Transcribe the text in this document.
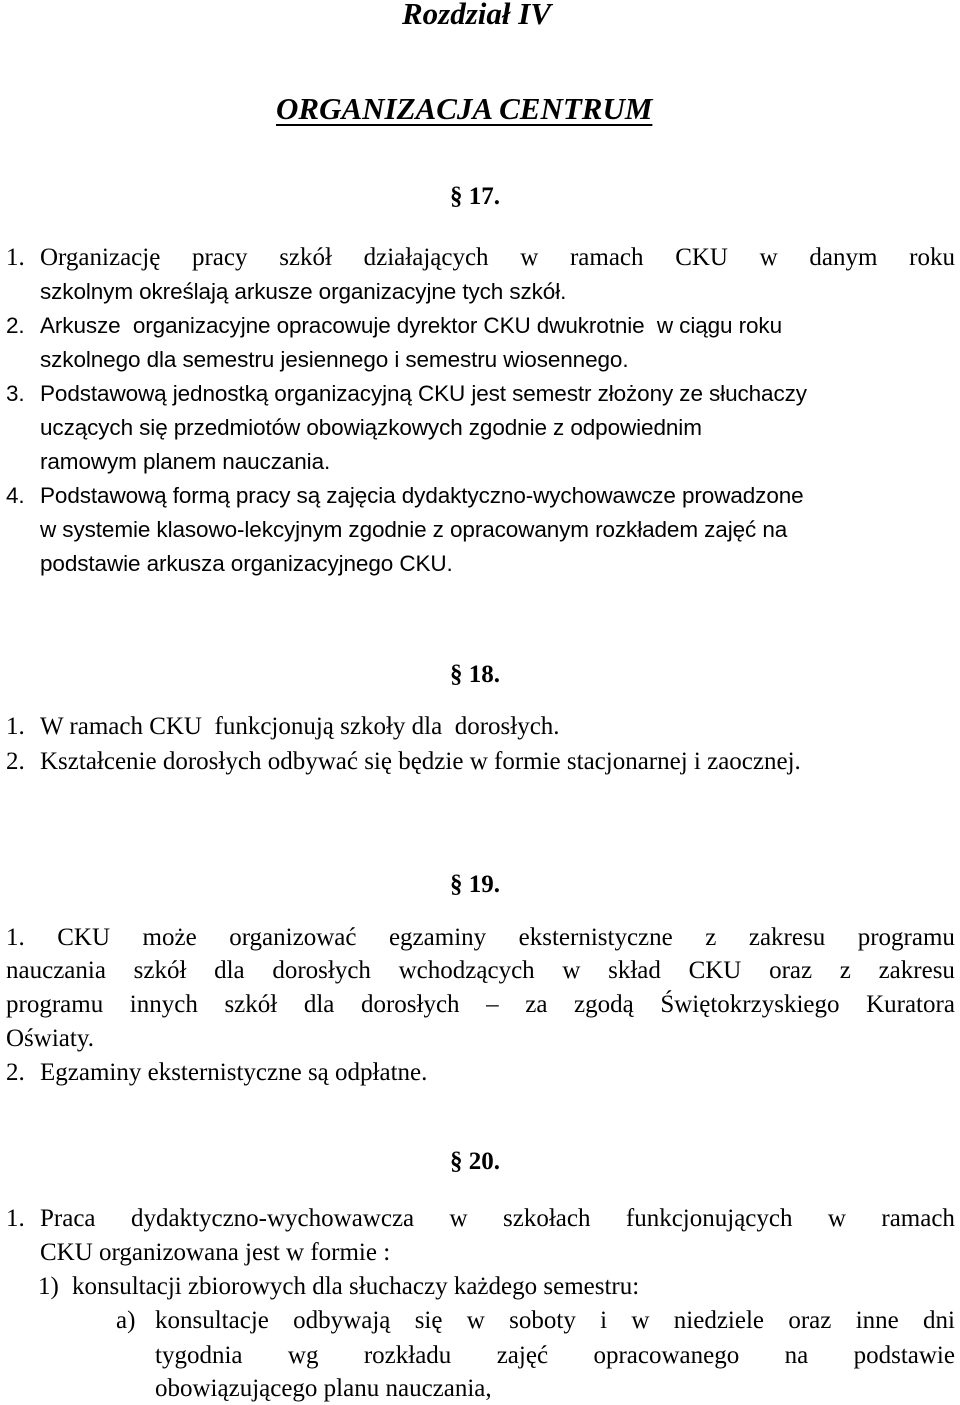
Rozdział IV
ORGANIZACJA CENTRUM
§ 17.
1. Organizację pracy szkół działających w ramach CKU w danym roku
szkolnym określają arkusze organizacyjne tych szkół.
2. Arkusze  organizacyjne opracowuje dyrektor CKU dwukrotnie  w ciągu roku
szkolnego dla semestru jesiennego i semestru wiosennego.
3. Podstawową jednostką organizacyjną CKU jest semestr złożony ze słuchaczy
uczących się przedmiotów obowiązkowych zgodnie z odpowiednim
ramowym planem nauczania.
4. Podstawową formą pracy są zajęcia dydaktyczno-wychowawcze prowadzone
w systemie klasowo-lekcyjnym zgodnie z opracowanym rozkładem zajęć na
podstawie arkusza organizacyjnego CKU.
§ 18.
1. W ramach CKU  funkcjonują szkoły dla  dorosłych.
2. Kształcenie dorosłych odbywać się będzie w formie stacjonarnej i zaocznej.
§ 19.
1. CKU może organizować egzaminy eksternistyczne z zakresu programu
nauczania szkół dla dorosłych wchodzących w skład CKU oraz z zakresu
programu innych szkół dla dorosłych – za zgodą Świętokrzyskiego Kuratora
Oświaty.
2. Egzaminy eksternistyczne są odpłatne.
§ 20.
1. Praca dydaktyczno-wychowawcza w szkołach funkcjonujących w ramach
CKU organizowana jest w formie :
1) konsultacji zbiorowych dla słuchaczy każdego semestru:
a) konsultacje odbywają się w soboty i w niedziele oraz inne dni
tygodnia wg rozkładu zajęć opracowanego na podstawie
obowiązującego planu nauczania,
